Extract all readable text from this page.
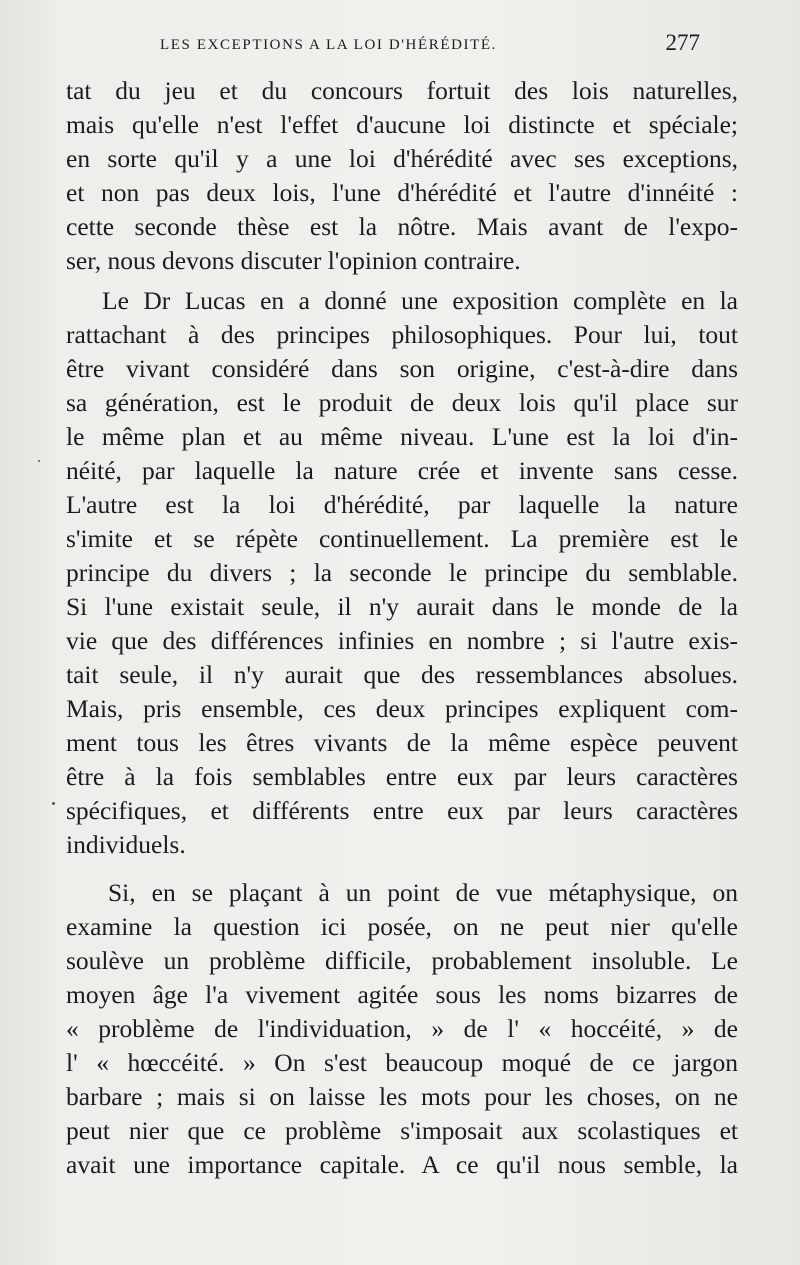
LES EXCEPTIONS A LA LOI D'HÉRÉDITÉ.	277
tat du jeu et du concours fortuit des lois naturelles,
mais qu'elle n'est l'effet d'aucune loi distincte et spéciale;
en sorte qu'il y a une loi d'hérédité avec ses exceptions,
et non pas deux lois, l'une d'hérédité et l'autre d'innéité :
cette seconde thèse est la nôtre. Mais avant de l'expo-
ser, nous devons discuter l'opinion contraire.
Le Dr Lucas en a donné une exposition complète en la
rattachant à des principes philosophiques. Pour lui, tout
être vivant considéré dans son origine, c'est-à-dire dans
sa génération, est le produit de deux lois qu'il place sur
le même plan et au même niveau. L'une est la loi d'in-
néité, par laquelle la nature crée et invente sans cesse.
L'autre est la loi d'hérédité, par laquelle la nature
s'imite et se répète continuellement. La première est le
principe du divers ; la seconde le principe du semblable.
Si l'une existait seule, il n'y aurait dans le monde de la
vie que des différences infinies en nombre ; si l'autre exis-
tait seule, il n'y aurait que des ressemblances absolues.
Mais, pris ensemble, ces deux principes expliquent com-
ment tous les êtres vivants de la même espèce peuvent
être à la fois semblables entre eux par leurs caractères
spécifiques, et différents entre eux par leurs caractères
individuels.
Si, en se plaçant à un point de vue métaphysique, on
examine la question ici posée, on ne peut nier qu'elle
soulève un problème difficile, probablement insoluble. Le
moyen âge l'a vivement agitée sous les noms bizarres de
« problème de l'individuation, » de l' « hoccéité, » de
l' « hœccéité. » On s'est beaucoup moqué de ce jargon
barbare ; mais si on laisse les mots pour les choses, on ne
peut nier que ce problème s'imposait aux scolastiques et
avait une importance capitale. A ce qu'il nous semble, la
